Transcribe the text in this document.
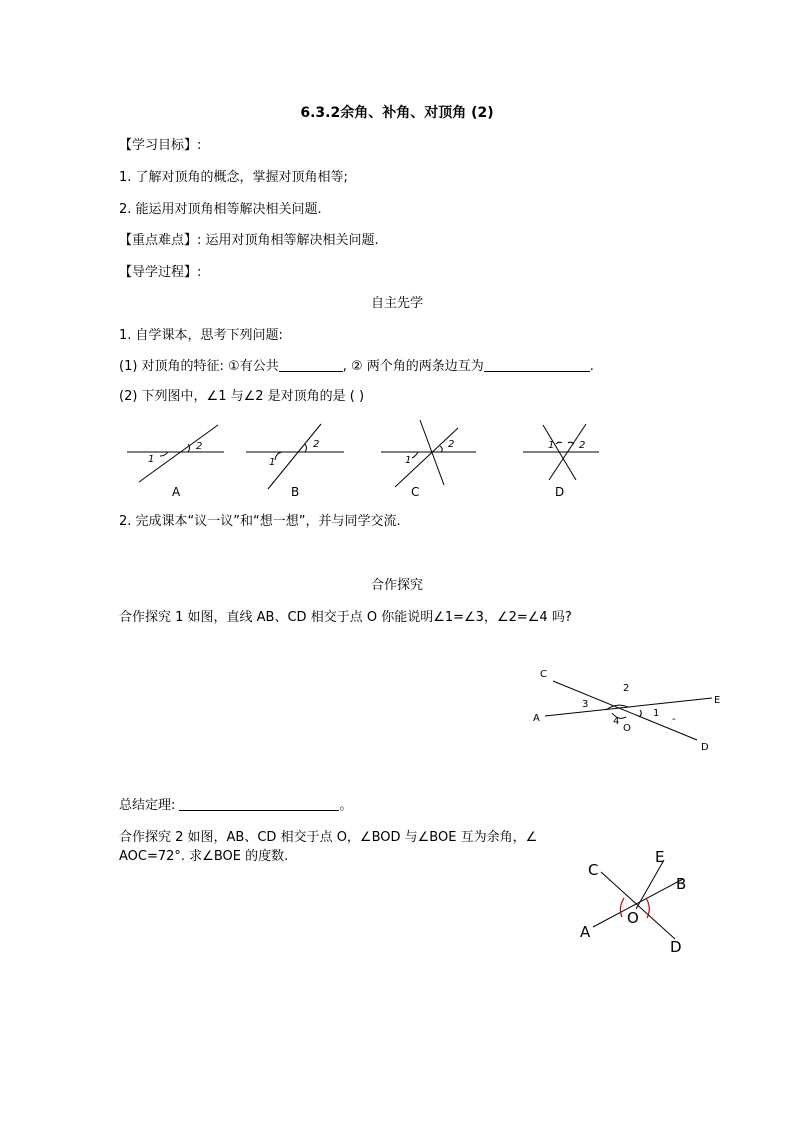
6.3.2余角、补角、对顶角 (2)
【学习目标】:
1. 了解对顶角的概念，掌握对顶角相等;
2. 能运用对顶角相等解决相关问题.
【重点难点】: 运用对顶角相等解决相关问题.
【导学过程】:
自主先学
1. 自学课本，思考下列问题:
(1) 对顶角的特征: ①有公共	, ② 两个角的两条边互为	.
(2) 下列图中，∠1 与∠2 是对顶角的是 ( )
1
2
1
2
1
2	1 2
A	B	C	D
2. 完成课本“议一议”和“想一想”，并与同学交流.
合作探究
合作探究 1 如图，直线 AB、CD 相交于点 O 你能说明∠1=∠3，∠2=∠4 吗?
C
A
E
D
O
1
2
3
4	-
总结定理:	。
合作探究 2 如图，AB、CD 相交于点 O，∠BOD 与∠BOE 互为余角，∠
AOC=72°. 求∠BOE 的度数.
C
E
B
A
O
D
